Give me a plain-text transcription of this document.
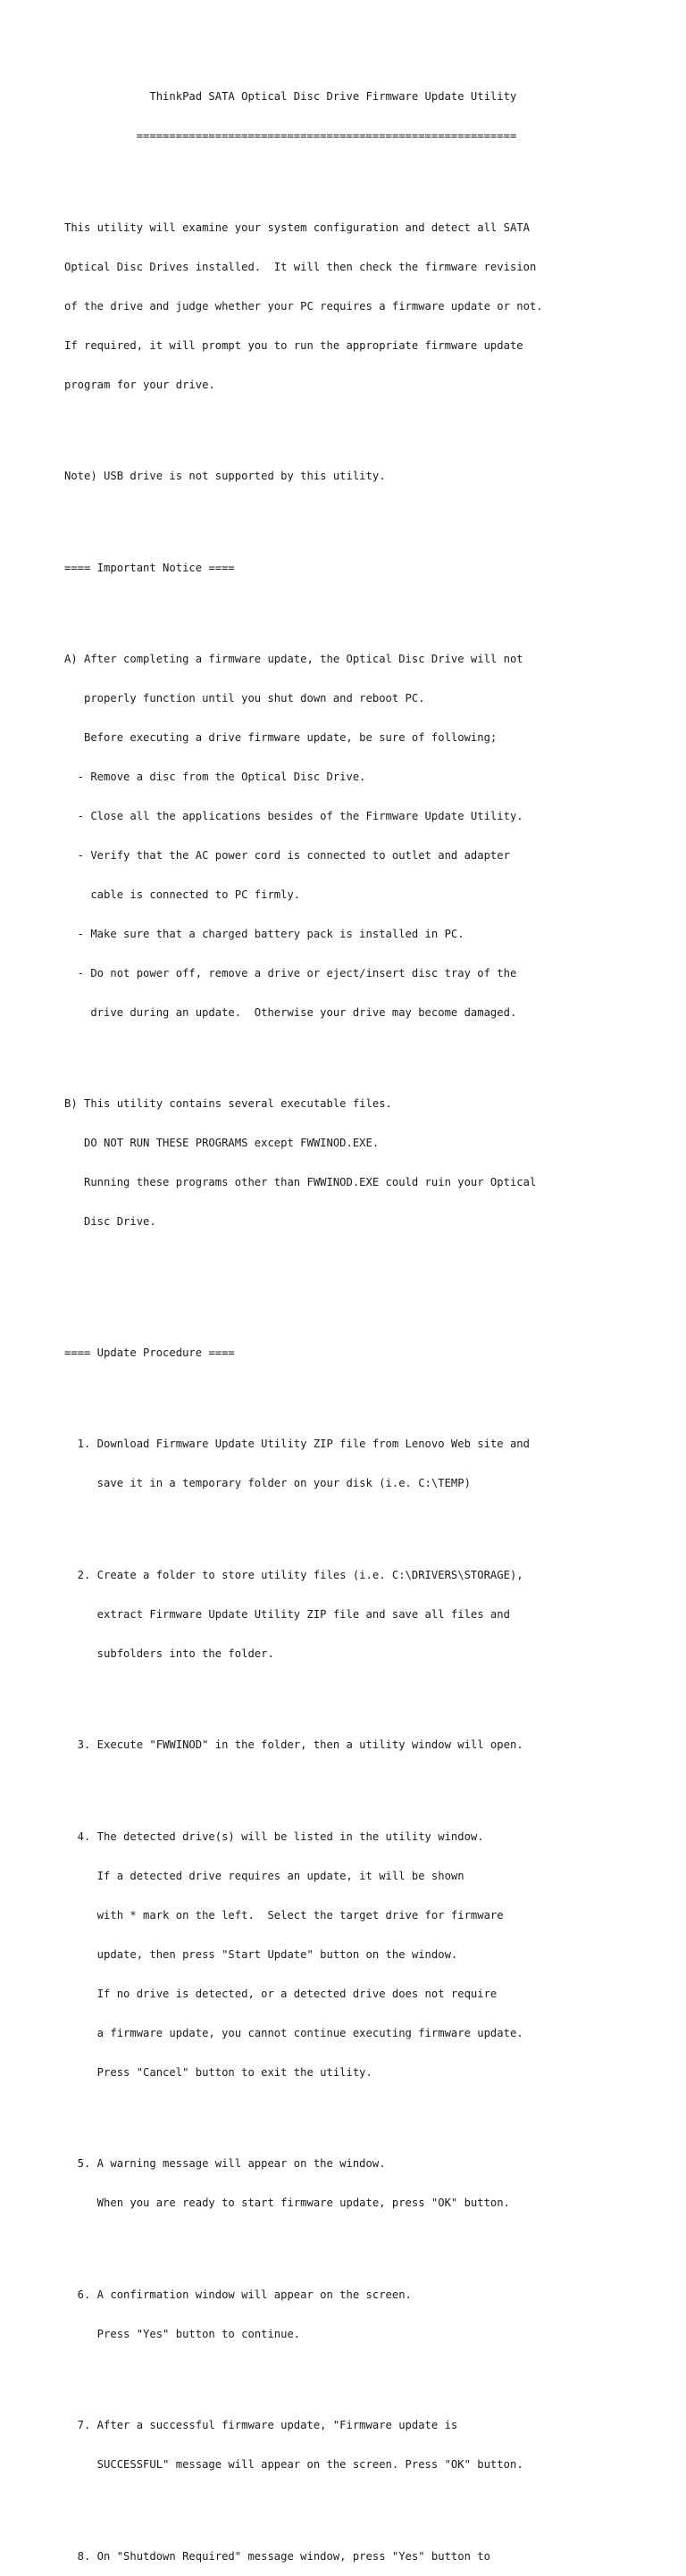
ThinkPad SATA Optical Disc Drive Firmware Update Utility

==========================================================

This utility will examine your system configuration and detect all SATA

Optical Disc Drives installed.  It will then check the firmware revision

of the drive and judge whether your PC requires a firmware update or not.

If required, it will prompt you to run the appropriate firmware update

program for your drive.

Note) USB drive is not supported by this utility.

==== Important Notice ====

A) After completing a firmware update, the Optical Disc Drive will not

properly function until you shut down and reboot PC.

Before executing a drive firmware update, be sure of following;

- Remove a disc from the Optical Disc Drive.

- Close all the applications besides of the Firmware Update Utility.

- Verify that the AC power cord is connected to outlet and adapter

cable is connected to PC firmly.

- Make sure that a charged battery pack is installed in PC.

- Do not power off, remove a drive or eject/insert disc tray of the

drive during an update.  Otherwise your drive may become damaged.

B) This utility contains several executable files.

DO NOT RUN THESE PROGRAMS except FWWINOD.EXE.

Running these programs other than FWWINOD.EXE could ruin your Optical

Disc Drive.

==== Update Procedure ====

1. Download Firmware Update Utility ZIP file from Lenovo Web site and

save it in a temporary folder on your disk (i.e. C:\TEMP)

2. Create a folder to store utility files (i.e. C:\DRIVERS\STORAGE),

extract Firmware Update Utility ZIP file and save all files and

subfolders into the folder.

3. Execute "FWWINOD" in the folder, then a utility window will open.

4. The detected drive(s) will be listed in the utility window.

If a detected drive requires an update, it will be shown

with * mark on the left.  Select the target drive for firmware

update, then press "Start Update" button on the window.

If no drive is detected, or a detected drive does not require

a firmware update, you cannot continue executing firmware update.

Press "Cancel" button to exit the utility.

5. A warning message will appear on the window.

When you are ready to start firmware update, press "OK" button.

6. A confirmation window will appear on the screen.

Press "Yes" button to continue.

7. After a successful firmware update, "Firmware update is

SUCCESSFUL" message will appear on the screen. Press "OK" button.

8. On "Shutdown Required" message window, press "Yes" button to
